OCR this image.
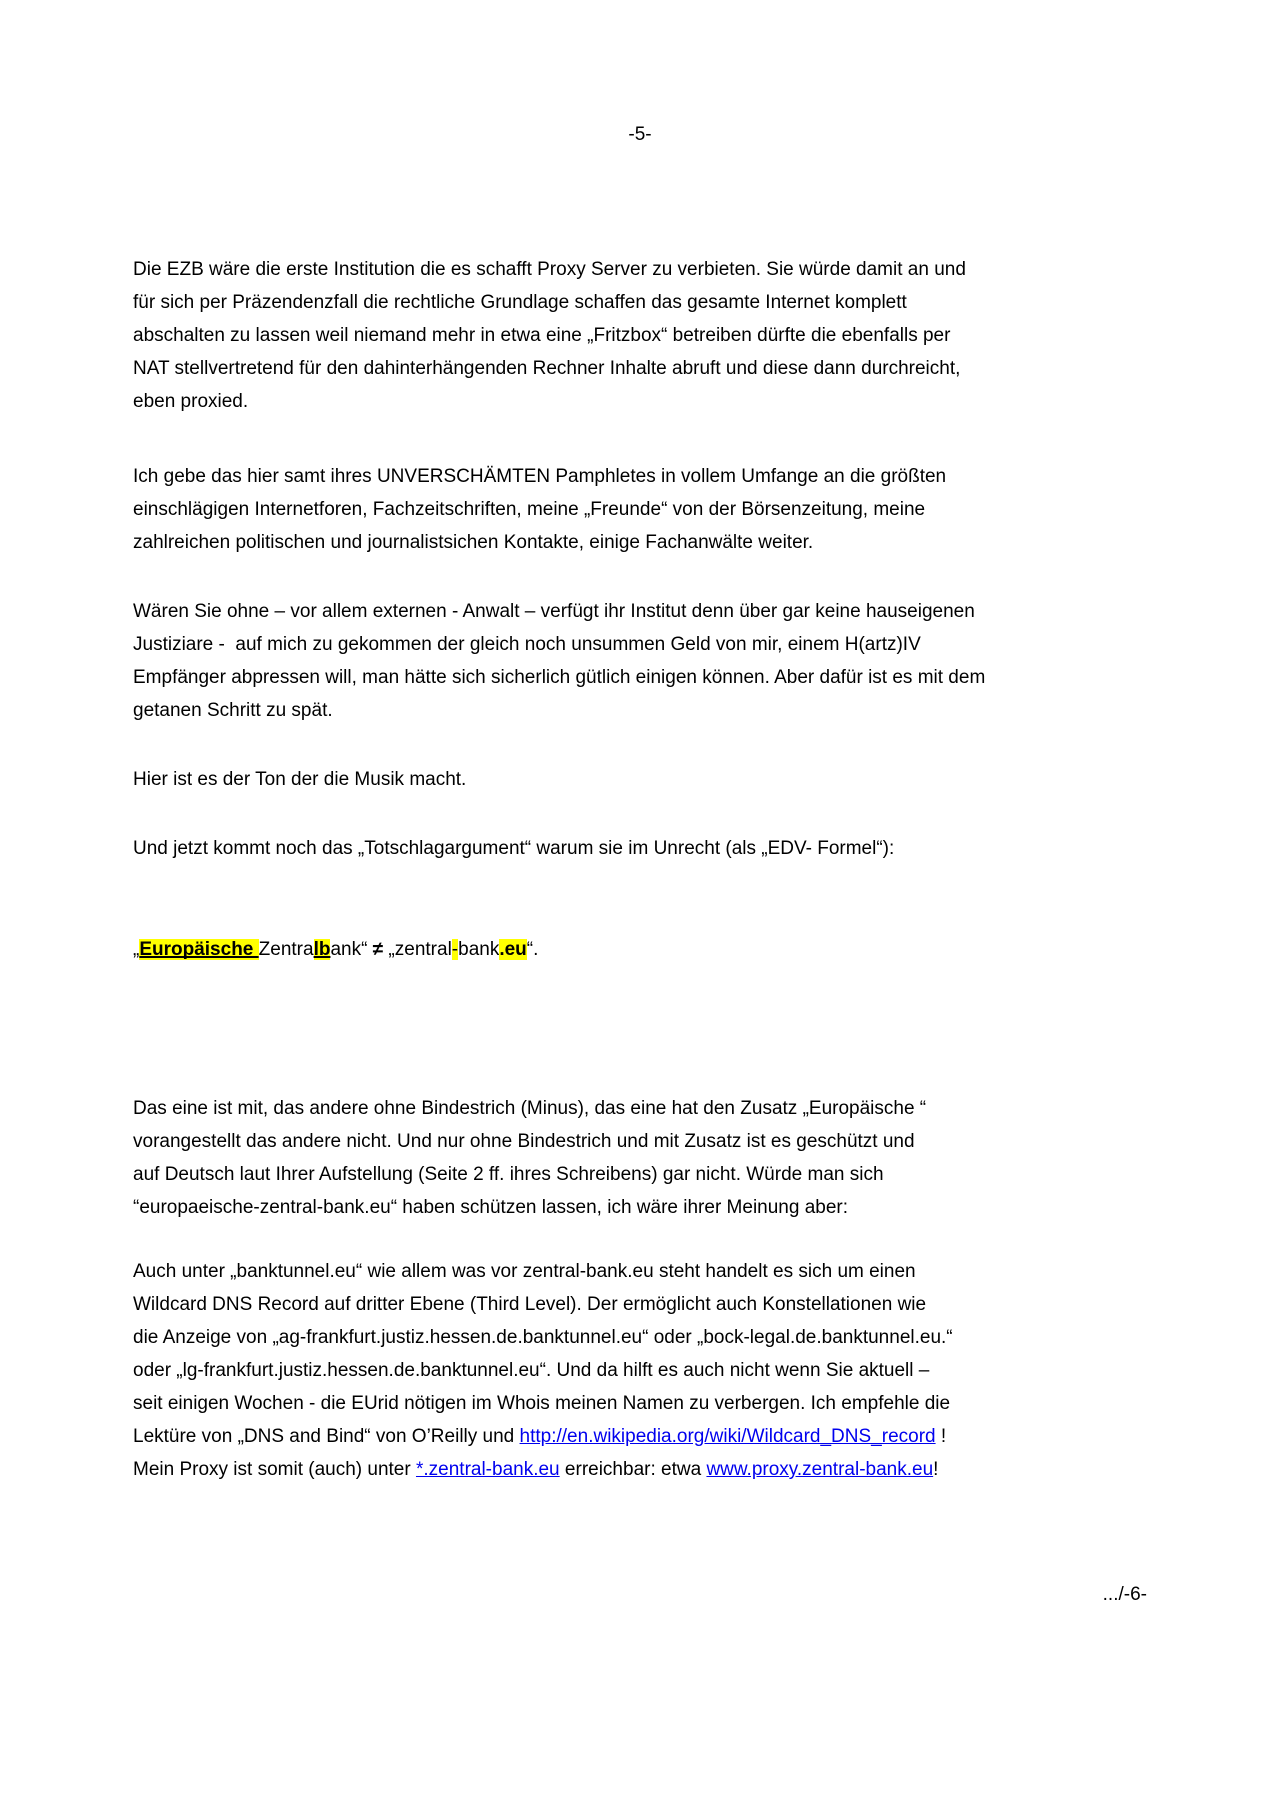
-5-
Die EZB wäre die erste Institution die es schafft Proxy Server zu verbieten. Sie würde damit an und
für sich per Präzendenzfall die rechtliche Grundlage schaffen das gesamte Internet komplett
abschalten zu lassen weil niemand mehr in etwa eine „Fritzbox“ betreiben dürfte die ebenfalls per
NAT stellvertretend für den dahinterhängenden Rechner Inhalte abruft und diese dann durchreicht,
eben proxied.
Ich gebe das hier samt ihres UNVERSCHÄMTEN Pamphletes in vollem Umfange an die größten
einschlägigen Internetforen, Fachzeitschriften, meine „Freunde“ von der Börsenzeitung, meine
zahlreichen politischen und journalistsichen Kontakte, einige Fachanwälte weiter.
Wären Sie ohne – vor allem externen - Anwalt – verfügt ihr Institut denn über gar keine hauseigenen
Justiziare -  auf mich zu gekommen der gleich noch unsummen Geld von mir, einem H(artz)IV
Empfänger abpressen will, man hätte sich sicherlich gütlich einigen können. Aber dafür ist es mit dem
getanen Schritt zu spät.
Hier ist es der Ton der die Musik macht.
Und jetzt kommt noch das „Totschlagargument“ warum sie im Unrecht (als „EDV- Formel“):
„Europäische Zentralbank“ ≠ „zentral-bank.eu“.
Das eine ist mit, das andere ohne Bindestrich (Minus), das eine hat den Zusatz „Europäische “
vorangestellt das andere nicht. Und nur ohne Bindestrich und mit Zusatz ist es geschützt und
auf Deutsch laut Ihrer Aufstellung (Seite 2 ff. ihres Schreibens) gar nicht. Würde man sich
“europaeische-zentral-bank.eu“ haben schützen lassen, ich wäre ihrer Meinung aber:
Auch unter „banktunnel.eu“ wie allem was vor zentral-bank.eu steht handelt es sich um einen
Wildcard DNS Record auf dritter Ebene (Third Level). Der ermöglicht auch Konstellationen wie
die Anzeige von „ag-frankfurt.justiz.hessen.de.banktunnel.eu“ oder „bock-legal.de.banktunnel.eu.“
oder „lg-frankfurt.justiz.hessen.de.banktunnel.eu“. Und da hilft es auch nicht wenn Sie aktuell –
seit einigen Wochen - die EUrid nötigen im Whois meinen Namen zu verbergen. Ich empfehle die
Lektüre von „DNS and Bind“ von O’Reilly und http://en.wikipedia.org/wiki/Wildcard_DNS_record !
Mein Proxy ist somit (auch) unter *.zentral-bank.eu erreichbar: etwa www.proxy.zentral-bank.eu!
.../-6-
